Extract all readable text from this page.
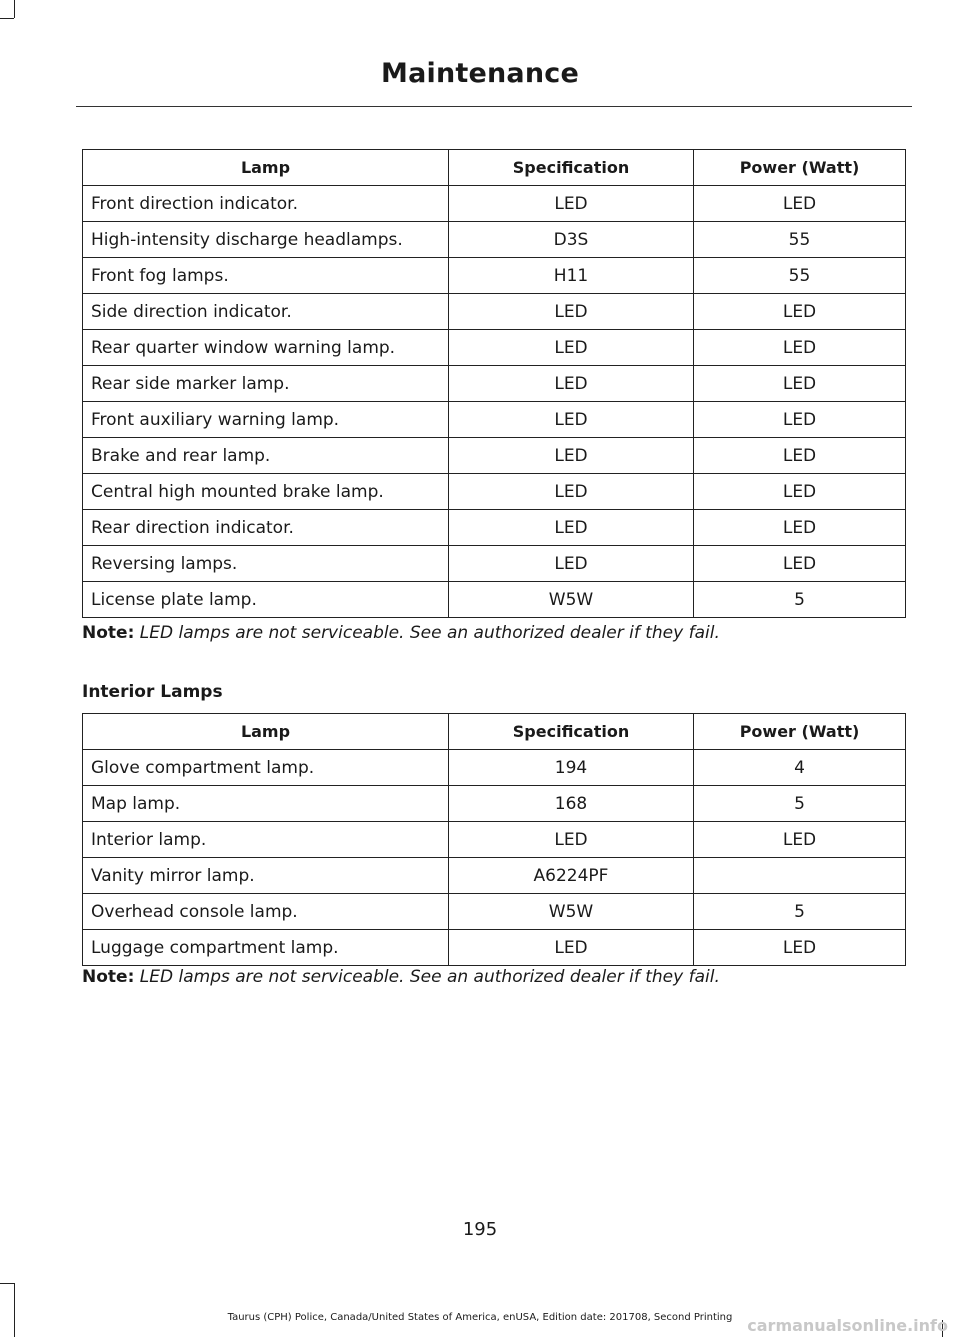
Maintenance
Lamp	Specification	Power (Watt)
Front direction indicator.	LED	LED
High-intensity discharge headlamps.	D3S	55
Front fog lamps.	H11	55
Side direction indicator.	LED	LED
Rear quarter window warning lamp.	LED	LED
Rear side marker lamp.	LED	LED
Front auxiliary warning lamp.	LED	LED
Brake and rear lamp.	LED	LED
Central high mounted brake lamp.	LED	LED
Rear direction indicator.	LED	LED
Reversing lamps.	LED	LED
License plate lamp.	W5W	5
Note: LED lamps are not serviceable. See an authorized dealer if they fail.
Interior Lamps
Lamp	Specification	Power (Watt)
Glove compartment lamp.	194	4
Map lamp.	168	5
Interior lamp.	LED	LED
Vanity mirror lamp.	A6224PF	
Overhead console lamp.	W5W	5
Luggage compartment lamp.	LED	LED
Note: LED lamps are not serviceable. See an authorized dealer if they fail.
195
Taurus (CPH) Police, Canada/United States of America, enUSA, Edition date: 201708, Second Printing carmanualsonline.info
